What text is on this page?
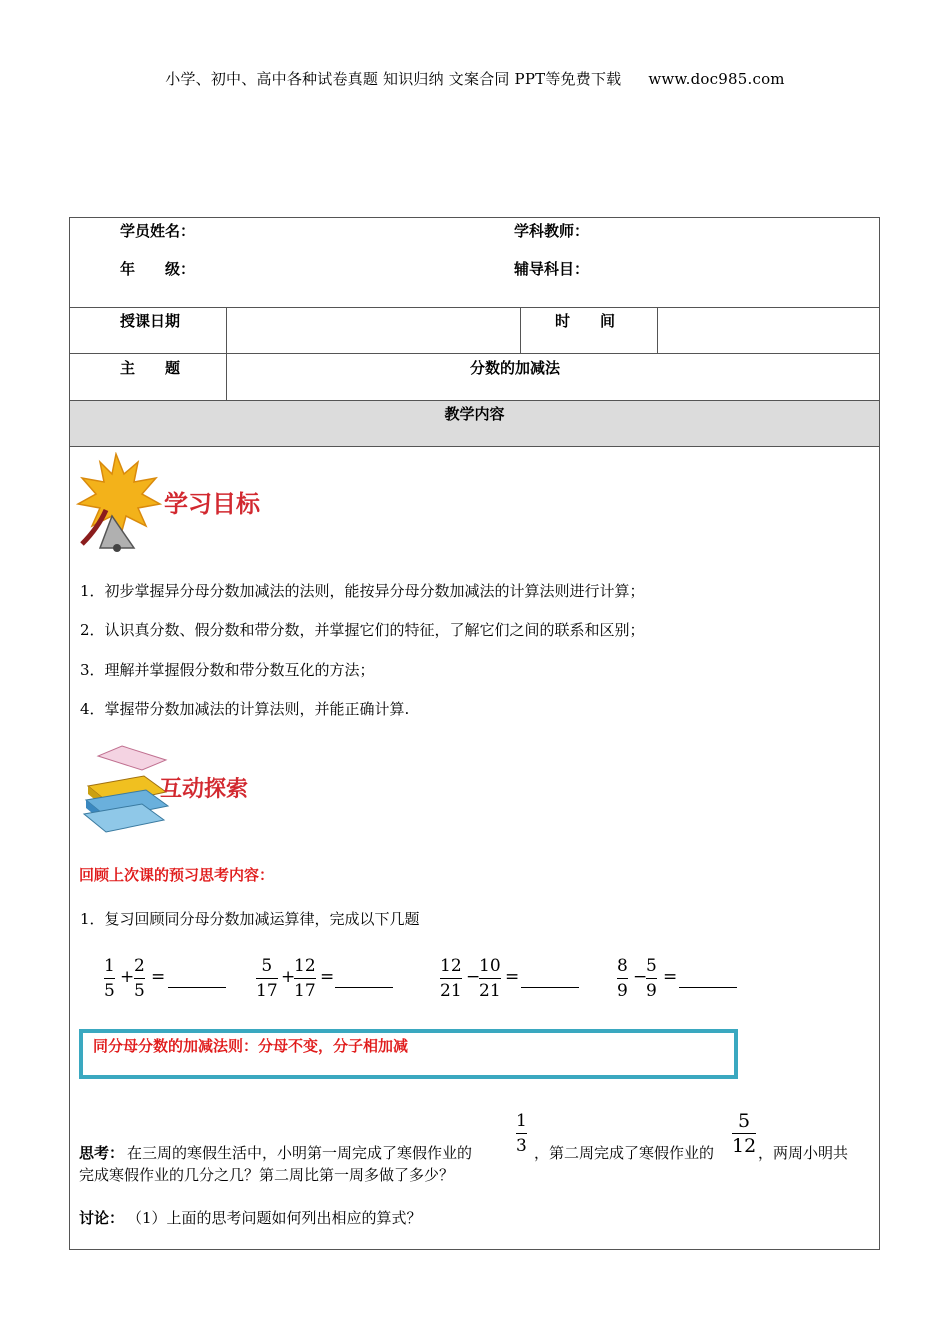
小学、初中、高中各种试卷真题 知识归纳 文案合同 PPT等免费下载 www.doc985.com
学员姓名：	学科教师：
年　　级：	辅导科目：
授课日期	时　　间
主　　题	分数的加减法
教学内容
学习目标
1．初步掌握异分母分数加减法的法则，能按异分母分数加减法的计算法则进行计算；
2．认识真分数、假分数和带分数，并掌握它们的特征，了解它们之间的联系和区别；
3．理解并掌握假分数和带分数互化的方法；
4．掌握带分数加减法的计算法则，并能正确计算.
互动探索
回顾上次课的预习思考内容：
1．复习回顾同分母分数加减运算律，完成以下几题
1
5
+
2
5
=
5
17
+
12
17
=
12
21
−
10
21
=
8
9
−
5
9
=
同分母分数的加减法则：分母不变，分子相加减
思考： 在三周的寒假生活中，小明第一周完成了寒假作业的
1
3 ，第二周完成了寒假作业的
5
12 ，两周小明共
完成寒假作业的几分之几？第二周比第一周多做了多少？
讨论： （1）上面的思考问题如何列出相应的算式？
